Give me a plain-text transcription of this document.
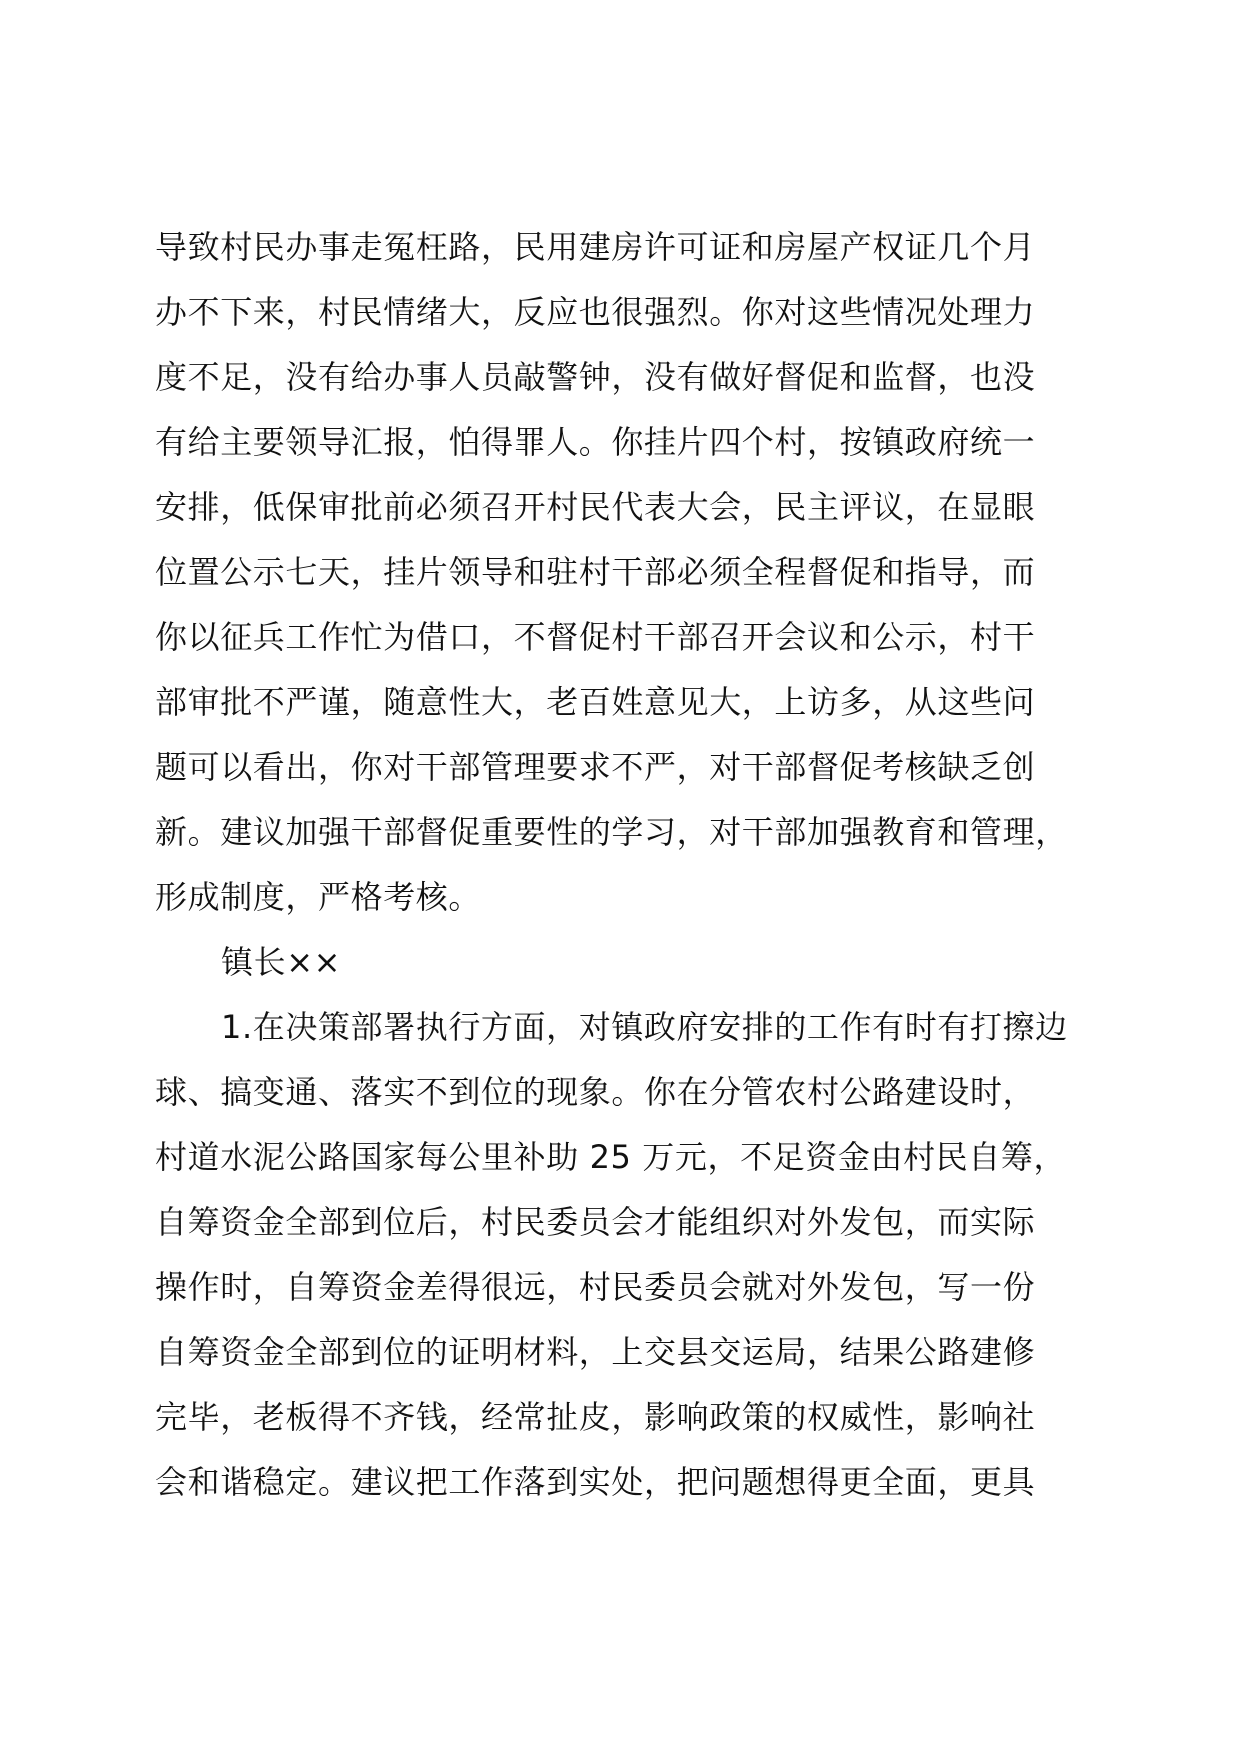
导致村民办事走冤枉路，民用建房许可证和房屋产权证几个月
办不下来，村民情绪大，反应也很强烈。你对这些情况处理力
度不足，没有给办事人员敲警钟，没有做好督促和监督，也没
有给主要领导汇报，怕得罪人。你挂片四个村，按镇政府统一
安排，低保审批前必须召开村民代表大会，民主评议，在显眼
位置公示七天，挂片领导和驻村干部必须全程督促和指导，而
你以征兵工作忙为借口，不督促村干部召开会议和公示，村干
部审批不严谨，随意性大，老百姓意见大，上访多，从这些问
题可以看出，你对干部管理要求不严，对干部督促考核缺乏创
新。建议加强干部督促重要性的学习，对干部加强教育和管理，
形成制度，严格考核。
镇长××
1.在决策部署执行方面，对镇政府安排的工作有时有打擦边
球、搞变通、落实不到位的现象。你在分管农村公路建设时，
村道水泥公路国家每公里补助 25 万元，不足资金由村民自筹，
自筹资金全部到位后，村民委员会才能组织对外发包，而实际
操作时，自筹资金差得很远，村民委员会就对外发包，写一份
自筹资金全部到位的证明材料，上交县交运局，结果公路建修
完毕，老板得不齐钱，经常扯皮，影响政策的权威性，影响社
会和谐稳定。建议把工作落到实处，把问题想得更全面，更具
